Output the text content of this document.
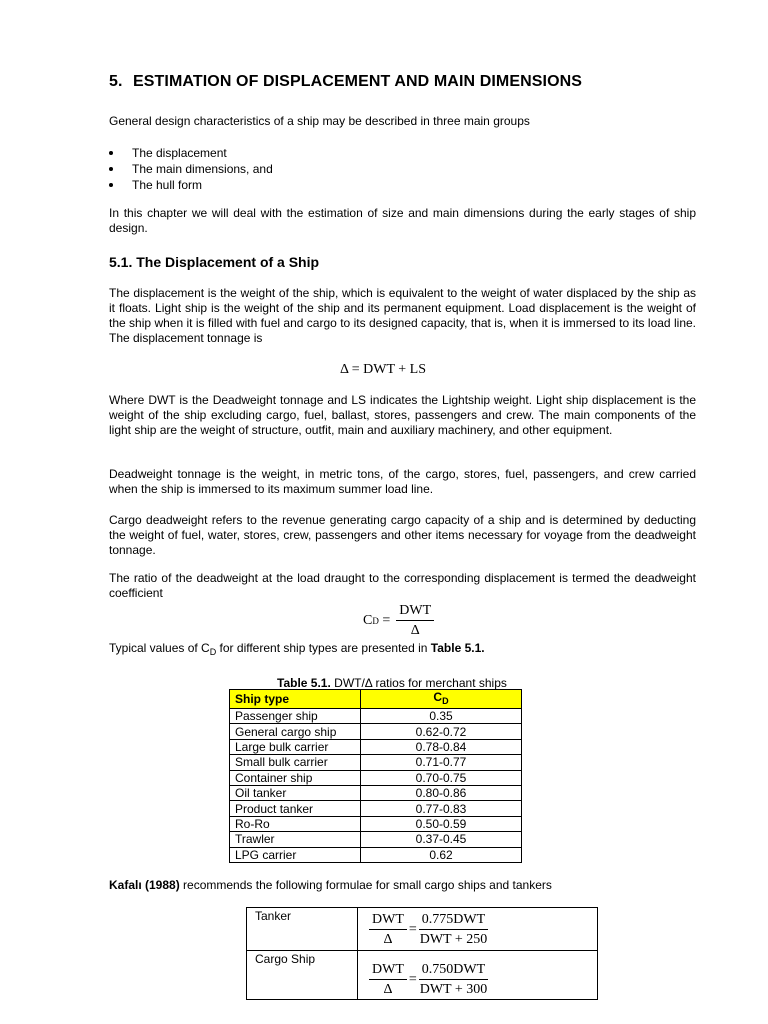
5. ESTIMATION OF DISPLACEMENT AND MAIN DIMENSIONS
General design characteristics of a ship may be described in three main groups
The displacement
The main dimensions, and
The hull form
In this chapter we will deal with the estimation of size and main dimensions during the early stages of ship design.
5.1. The Displacement of a Ship
The displacement is the weight of the ship, which is equivalent to the weight of water displaced by the ship as it floats. Light ship is the weight of the ship and its permanent equipment. Load displacement is the weight of the ship when it is filled with fuel and cargo to its designed capacity, that is, when it is immersed to its load line. The displacement tonnage is
Δ = DWT + LS
Where DWT is the Deadweight tonnage and LS indicates the Lightship weight. Light ship displacement is the weight of the ship excluding cargo, fuel, ballast, stores, passengers and crew. The main components of the light ship are the weight of structure, outfit, main and auxiliary machinery, and other equipment.
Deadweight tonnage is the weight, in metric tons, of the cargo, stores, fuel, passengers, and crew carried when the ship is immersed to its maximum summer load line.
Cargo deadweight refers to the revenue generating cargo capacity of a ship and is determined by deducting the weight of fuel, water, stores, crew, passengers and other items necessary for voyage from the deadweight tonnage.
The ratio of the deadweight at the load draught to the corresponding displacement is termed the deadweight coefficient
C D
= $\frac{\text{DWT}}{\Delta}$
Typical values of $C_D$ for different ship types are presented in Table 5.1.
Table 5.1. DWT/Δ ratios for merchant ships
Ship type	$C_D$
Passenger ship	0.35
General cargo ship	0.62-0.72
Large bulk carrier	0.78-0.84
Small bulk carrier	0.71-0.77
Container ship	0.70-0.75
Oil tanker	0.80-0.86
Product tanker	0.77-0.83
Ro-Ro	0.50-0.59
Trawler	0.37-0.45
LPG carrier	0.62
Kafalı (1988) recommends the following formulae for small cargo ships and tankers
Tanker	$\frac{\text{DWT}}{\Delta} = \frac{\text{0.775DWT}}{\text{DWT + 250}}$

Cargo Ship	$\frac{\text{DWT}}{\Delta} = \frac{\text{0.750DWT}}{\text{DWT + 300}}$
